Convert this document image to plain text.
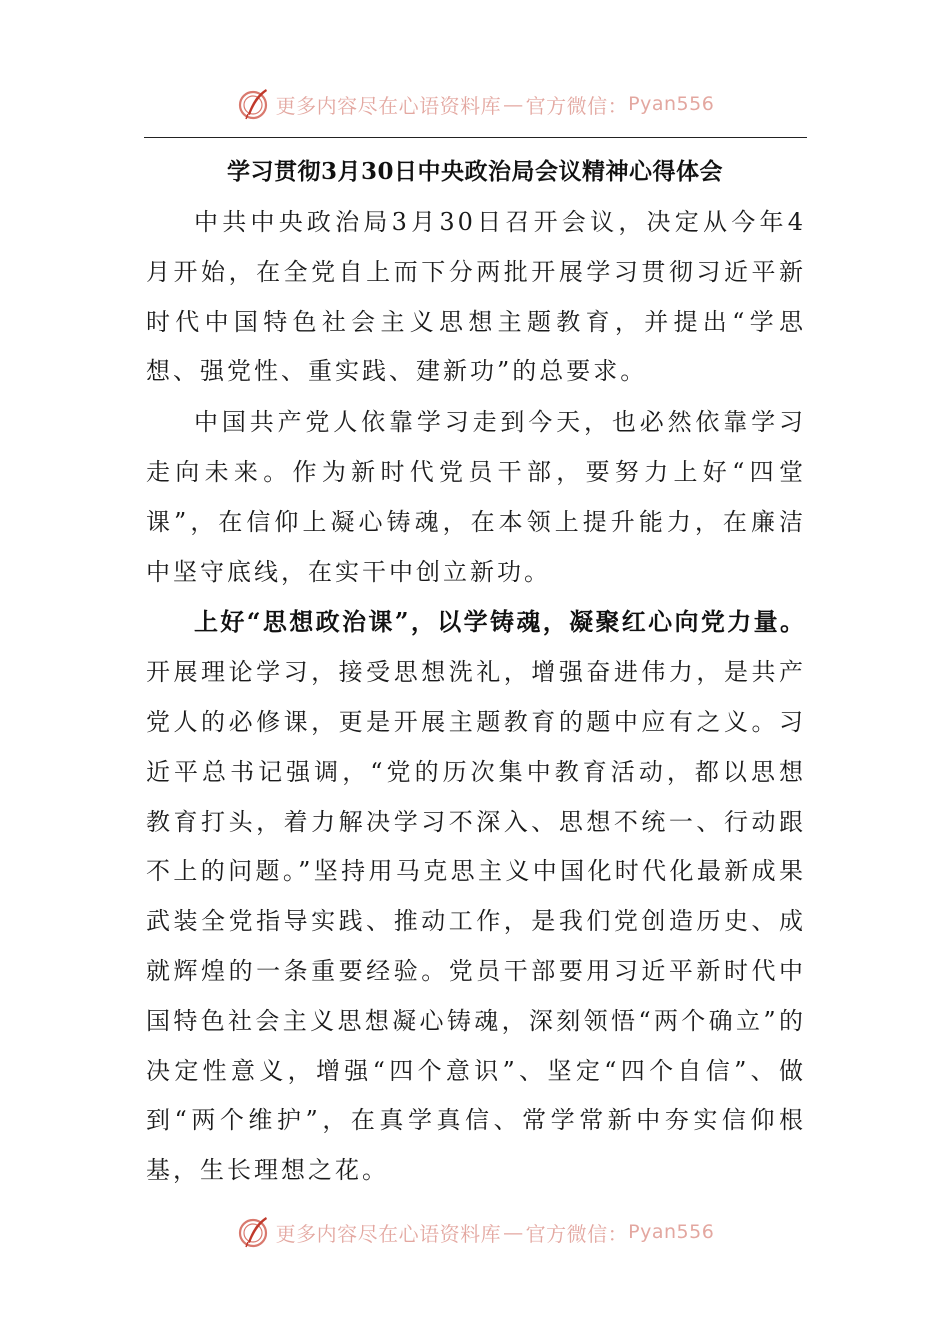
更多内容尽在心语资料库 — 官方微信： Pyan556
学习贯彻3月30日中央政治局会议精神心得体会

中共中央政治局3月30日召开会议，决定从今年4月开始，在全党自上而下分两批开展学习贯彻习近平新时代中国特色社会主义思想主题教育，并提出“学思想、强党性、重实践、建新功”的总要求。

中国共产党人依靠学习走到今天，也必然依靠学习走向未来。作为新时代党员干部，要努力上好“四堂课”，在信仰上凝心铸魂，在本领上提升能力，在廉洁中坚守底线，在实干中创立新功。

上好“思想政治课”，以学铸魂，凝聚红心向党力量。开展理论学习，接受思想洗礼，增强奋进伟力，是共产党人的必修课，更是开展主题教育的题中应有之义。习近平总书记强调，“党的历次集中教育活动，都以思想教育打头，着力解决学习不深入、思想不统一、行动跟不上的问题。”坚持用马克思主义中国化时代化最新成果武装全党指导实践、推动工作，是我们党创造历史、成就辉煌的一条重要经验。党员干部要用习近平新时代中国特色社会主义思想凝心铸魂，深刻领悟“两个确立”的决定性意义，增强“四个意识”、坚定“四个自信”、做到“两个维护”，在真学真信、常学常新中夯实信仰根基，生长理想之花。

更多内容尽在心语资料库 — 官方微信： Pyan556
